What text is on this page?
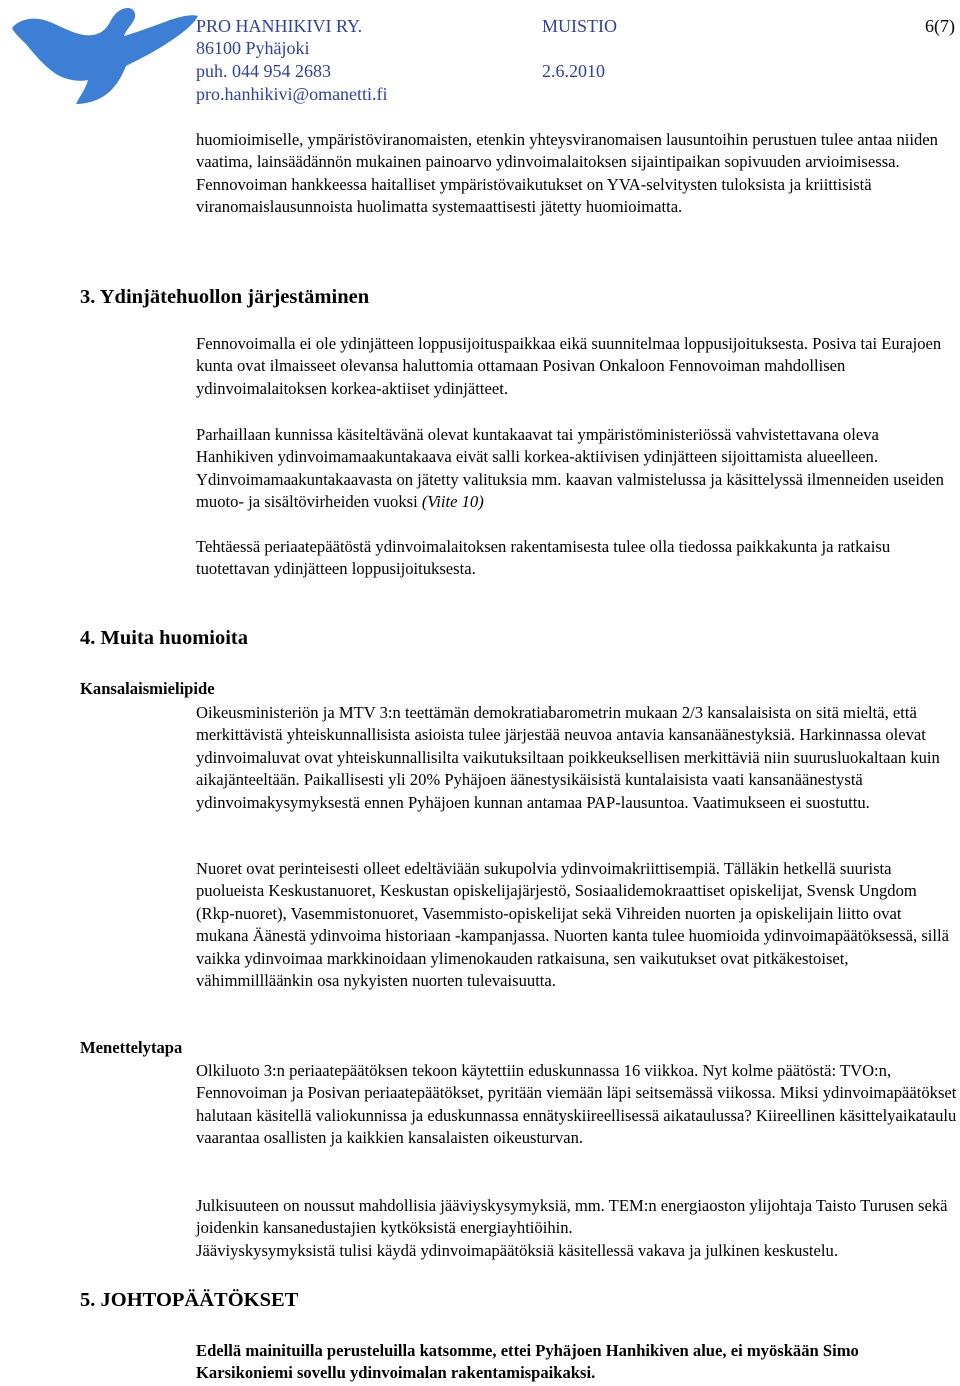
PRO HANHIKIVI RY.
86100 Pyhäjoki
puh. 044 954 2683
pro.hanhikivi@omanetti.fi
MUISTIO
2.6.2010
6(7)

huomioimiselle, ympäristöviranomaisten, etenkin yhteysviranomaisen lausuntoihin perustuen tulee antaa niiden vaatima, lainsäädännön mukainen painoarvo ydinvoimalaitoksen sijaintipaikan sopivuuden arvioimisessa. Fennovoiman hankkeessa haitalliset ympäristövaikutukset on YVA-selvitysten tuloksista ja kriittisistä viranomaislausunnoista huolimatta systemaattisesti jätetty huomioimatta.

3. Ydinjätehuollon järjestäminen

Fennovoimalla ei ole ydinjätteen loppusijoituspaikkaa eikä suunnitelmaa loppusijoituksesta. Posiva tai Eurajoen kunta ovat ilmaisseet olevansa haluttomia ottamaan Posivan Onkaloon Fennovoiman mahdollisen ydinvoimalaitoksen korkea-aktiiset ydinjätteet.

Parhaillaan kunnissa käsiteltävänä olevat kuntakaavat tai ympäristöministeriössä vahvistettavana oleva Hanhikiven ydinvoimamaakuntakaava eivät salli korkea-aktiivisen ydinjätteen sijoittamista alueelleen. Ydinvoimamaakuntakaavasta on jätetty valituksia mm. kaavan valmistelussa ja käsittelyssä ilmenneiden useiden muoto- ja sisältövirheiden vuoksi (Viite 10)

Tehtäessä periaatepäätöstä ydinvoimalaitoksen rakentamisesta tulee olla tiedossa paikkakunta ja ratkaisu tuotettavan ydinjätteen loppusijoituksesta.

4. Muita huomioita
Kansalaismielipide

Oikeusministeriön ja MTV 3:n teettämän demokratiabarometrin mukaan 2/3 kansalaisista on sitä mieltä, että merkittävistä yhteiskunnallisista asioista tulee järjestää neuvoa antavia kansanäänestyksiä. Harkinnassa olevat ydinvoimaluvat ovat yhteiskunnallisilta vaikutuksiltaan poikkeuksellisen merkittäviä niin suurusluokaltaan kuin aikajänteeltään. Paikallisesti yli 20% Pyhäjoen äänestysikäisistä kuntalaisista vaati kansanäänestystä ydinvoimakysymyksestä ennen Pyhäjoen kunnan antamaa PAP-lausuntoa. Vaatimukseen ei suostuttu.

Nuoret ovat perinteisesti olleet edeltäviään sukupolvia ydinvoimakriittisempiä. Tälläkin hetkellä suurista puolueista Keskustanuoret, Keskustan opiskelijajärjestö, Sosiaalidemokraattiset opiskelijat, Svensk Ungdom (Rkp-nuoret), Vasemmistonuoret, Vasemmisto-opiskelijat sekä Vihreiden nuorten ja opiskelijain liitto ovat mukana Äänestä ydinvoima historiaan -kampanjassa. Nuorten kanta tulee huomioida ydinvoimapäätöksessä, sillä vaikka ydinvoimaa markkinoidaan ylimenokauden ratkaisuna, sen vaikutukset ovat pitkäkestoiset, vähimmillläänkin osa nykyisten nuorten tulevaisuutta.

Menettelytapa

Olkiluoto 3:n periaatepäätöksen tekoon käytettiin eduskunnassa 16 viikkoa. Nyt kolme päätöstä: TVO:n, Fennovoiman ja Posivan periaatepäätökset, pyritään viemään läpi seitsemässä viikossa. Miksi ydinvoimapäätökset halutaan käsitellä valiokunnissa ja eduskunnassa ennätyskiireellisessä aikataulussa? Kiireellinen käsittelyaikataulu vaarantaa osallisten ja kaikkien kansalaisten oikeusturvan.

Julkisuuteen on noussut mahdollisia jääviyskysymyksiä, mm. TEM:n energiaoston ylijohtaja Taisto Turusen sekä joidenkin kansanedustajien kytköksistä energiayhtiöihin.
Jääviyskysymyksistä tulisi käydä ydinvoimapäätöksiä käsitellessä vakava ja julkinen keskustelu.

5. JOHTOPÄÄTÖKSET

Edellä mainituilla perusteluilla katsomme, ettei Pyhäjoen Hanhikiven alue, ei myöskään Simo Karsikoniemi sovellu ydinvoimalan rakentamispaikaksi.
